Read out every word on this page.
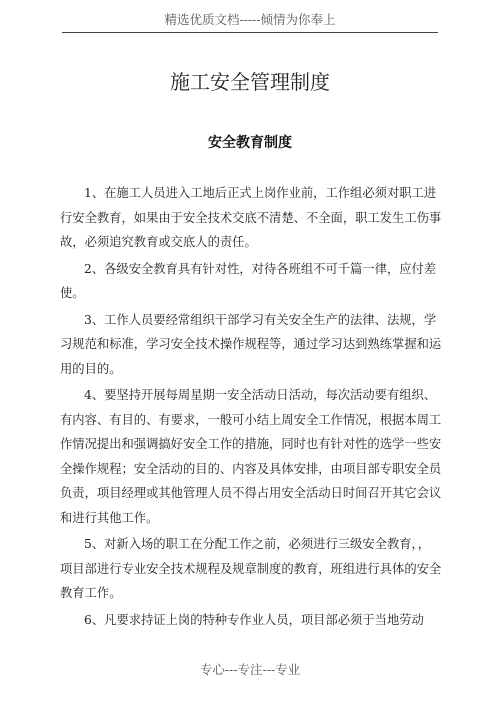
精选优质文档-----倾情为你奉上
施工安全管理制度
安全教育制度

1、在施工人员进入工地后正式上岗作业前，工作组必须对职工进行安全教育，如果由于安全技术交底不清楚、不全面，职工发生工伤事故，必须追究教育或交底人的责任。

2、各级安全教育具有针对性，对待各班组不可千篇一律，应付差使。

3、工作人员要经常组织干部学习有关安全生产的法律、法规，学习规范和标准，学习安全技术操作规程等，通过学习达到熟练掌握和运用的目的。

4、要坚持开展每周星期一安全活动日活动，每次活动要有组织、有内容、有目的、有要求，一般可小结上周安全工作情况，根据本周工作情况提出和强调搞好安全工作的措施，同时也有针对性的选学一些安全操作规程；安全活动的目的、内容及具体安排，由项目部专职安全员负责，项目经理或其他管理人员不得占用安全活动日时间召开其它会议和进行其他工作。

5、对新入场的职工在分配工作之前，必须进行三级安全教育，，项目部进行专业安全技术规程及规章制度的教育，班组进行具体的安全教育工作。

6、凡要求持证上岗的特种专作业人员，项目部必须于当地劳动

专心---专注---专业
